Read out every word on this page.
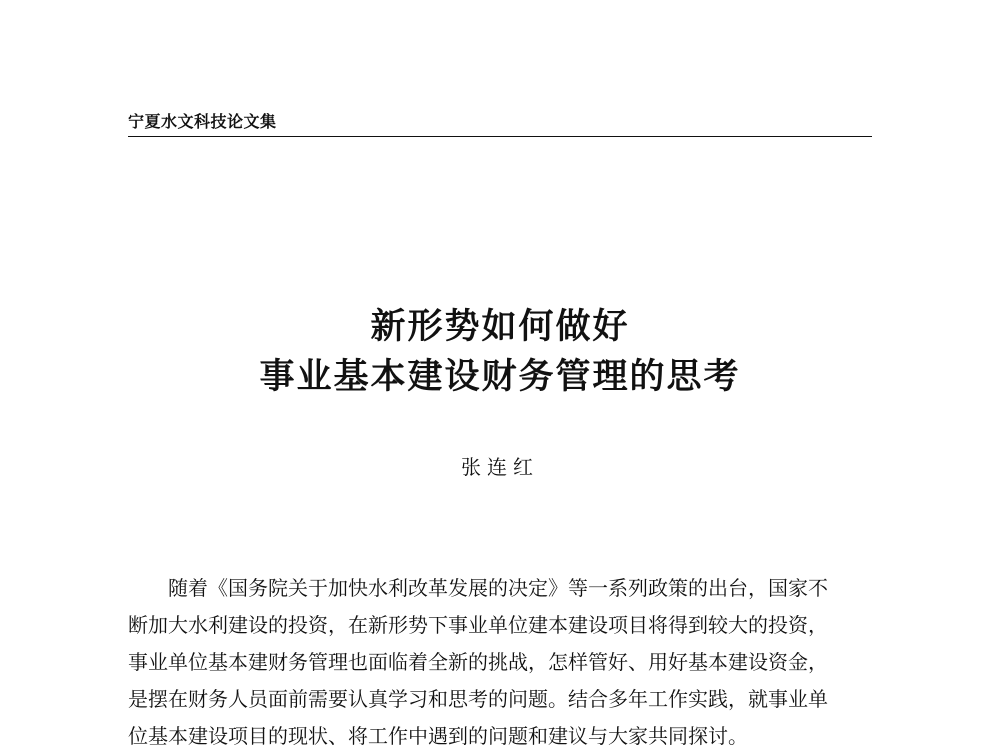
宁夏水文科技论文集
新形势如何做好
事业基本建设财务管理的思考
张连红
随着《国务院关于加快水利改革发展的决定》等一系列政策的出台，国家不
断加大水利建设的投资，在新形势下事业单位建本建设项目将得到较大的投资，
事业单位基本建财务管理也面临着全新的挑战，怎样管好、用好基本建设资金，
是摆在财务人员面前需要认真学习和思考的问题。结合多年工作实践，就事业单
位基本建设项目的现状、将工作中遇到的问题和建议与大家共同探讨。
